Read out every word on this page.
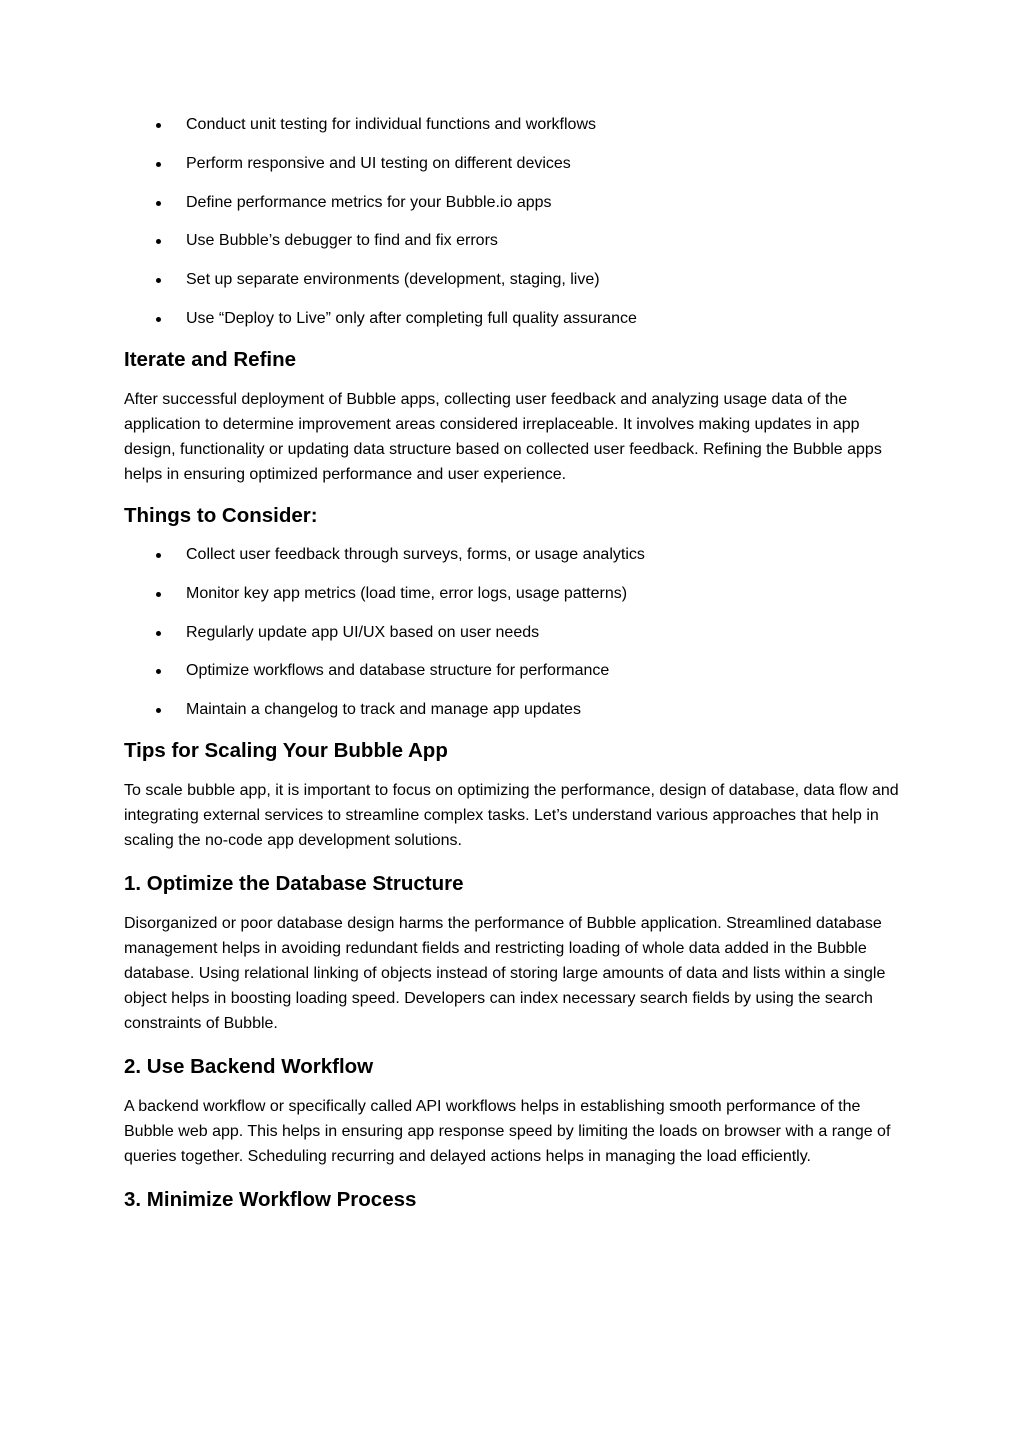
Conduct unit testing for individual functions and workflows
Perform responsive and UI testing on different devices
Define performance metrics for your Bubble.io apps
Use Bubble’s debugger to find and fix errors
Set up separate environments (development, staging, live)
Use “Deploy to Live” only after completing full quality assurance
Iterate and Refine

After successful deployment of Bubble apps, collecting user feedback and analyzing usage data of the application to determine improvement areas considered irreplaceable. It involves making updates in app design, functionality or updating data structure based on collected user feedback. Refining the Bubble apps helps in ensuring optimized performance and user experience.

Things to Consider:
Collect user feedback through surveys, forms, or usage analytics
Monitor key app metrics (load time, error logs, usage patterns)
Regularly update app UI/UX based on user needs
Optimize workflows and database structure for performance
Maintain a changelog to track and manage app updates
Tips for Scaling Your Bubble App

To scale bubble app, it is important to focus on optimizing the performance, design of database, data flow and integrating external services to streamline complex tasks. Let’s understand various approaches that help in scaling the no-code app development solutions.

1. Optimize the Database Structure

Disorganized or poor database design harms the performance of Bubble application. Streamlined database management helps in avoiding redundant fields and restricting loading of whole data added in the Bubble database. Using relational linking of objects instead of storing large amounts of data and lists within a single object helps in boosting loading speed. Developers can index necessary search fields by using the search constraints of Bubble.

2. Use Backend Workflow

A backend workflow or specifically called API workflows helps in establishing smooth performance of the Bubble web app. This helps in ensuring app response speed by limiting the loads on browser with a range of queries together. Scheduling recurring and delayed actions helps in managing the load efficiently.

3. Minimize Workflow Process
